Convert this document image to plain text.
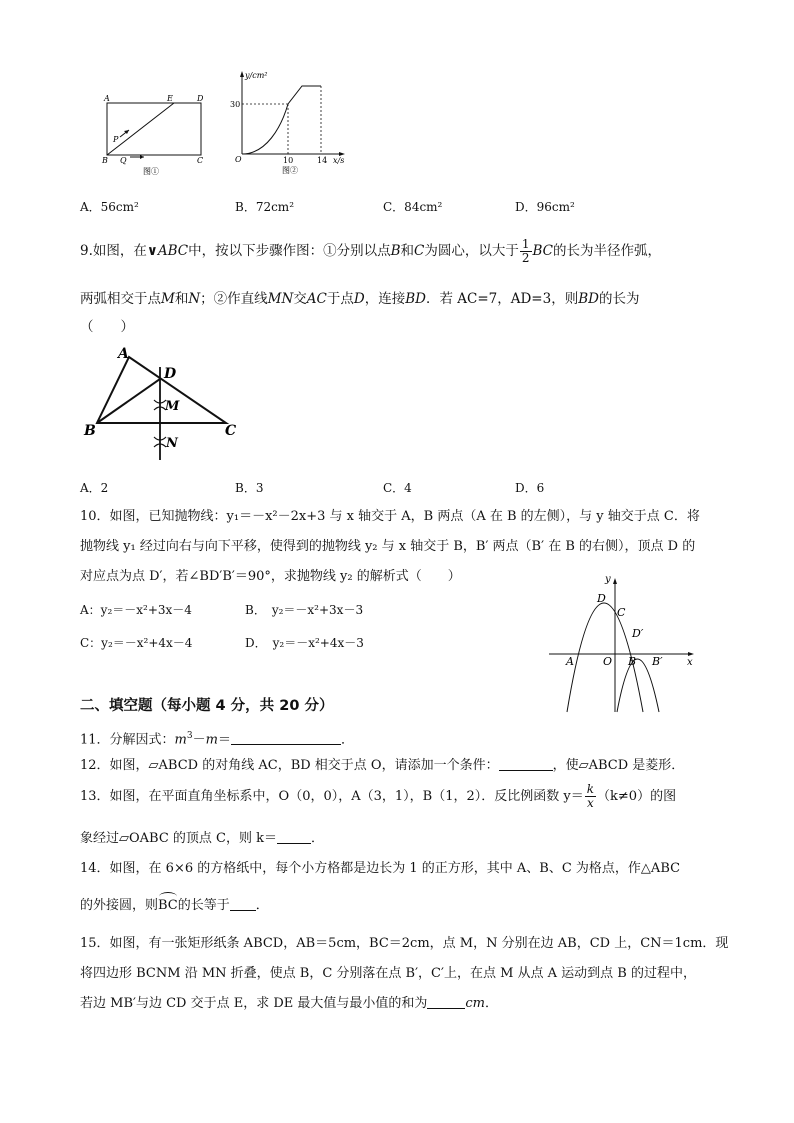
A	E	D
B	C
P
Q
图①
y/cm²
30
O	10	14 x/s
图②
A．56cm²	B．72cm²	C．84cm²	D．96cm²
9.如图，在∨ABC中，按以下步骤作图：①分别以点B和C为圆心，以大于 $\frac{1}{2}$ BC的长为半径作弧，
两弧相交于点M和N；②作直线MN交AC于点D，连接BD．若 AC=7，AD=3，则BD的长为
（　　）
A
D
M
B	C
N
A．2	B．3	C．4	D．6
10．如图，已知抛物线：y₁＝－x²－2x+3 与 x 轴交于 A，B 两点（A 在 B 的左侧），与 y 轴交于点 C．将
抛物线 y₁ 经过向右与向下平移，使得到的抛物线 y₂ 与 x 轴交于 B，B′ 两点（B′ 在 B 的右侧），顶点 D 的
对应点为点 D′，若∠BD′B′＝90°，求抛物线 y₂ 的解析式（　　）
A：y₂＝－x²+3x－4	B．　y₂＝－x²+3x－3
C：y₂＝－x²+4x－4	D．　y₂＝－x²+4x－3
y
D
C
D′
A	O B B′ x
二、填空题（每小题 4 分，共 20 分）
11．分解因式：$m^3-m=$	．
12．如图，▱ABCD 的对角线 AC，BD 相交于点 O，请添加一个条件：	，使▱ABCD 是菱形．
13．如图，在平面直角坐标系中，O（0，0），A（3，1），B（1，2）．反比例函数 $y= \frac{k}{x} (k\ne 0)$的图
象经过▱OABC 的顶点 C，则 k＝	．
14．如图，在 6×6 的方格纸中，每个小方格都是边长为 1 的正方形，其中 A、B、C 为格点，作△ABC
的外接圆，则BC的长等于 ．
15．如图，有一张矩形纸条 ABCD，AB＝5cm，BC＝2cm，点 M，N 分别在边 AB，CD 上，CN＝1cm．现
将四边形 BCNM 沿 MN 折叠，使点 B，C 分别落在点 B′，C′上，在点 M 从点 A 运动到点 B 的过程中，
若边 MB′与边 CD 交于点 E，求 DE 最大值与最小值的和为	cm．
